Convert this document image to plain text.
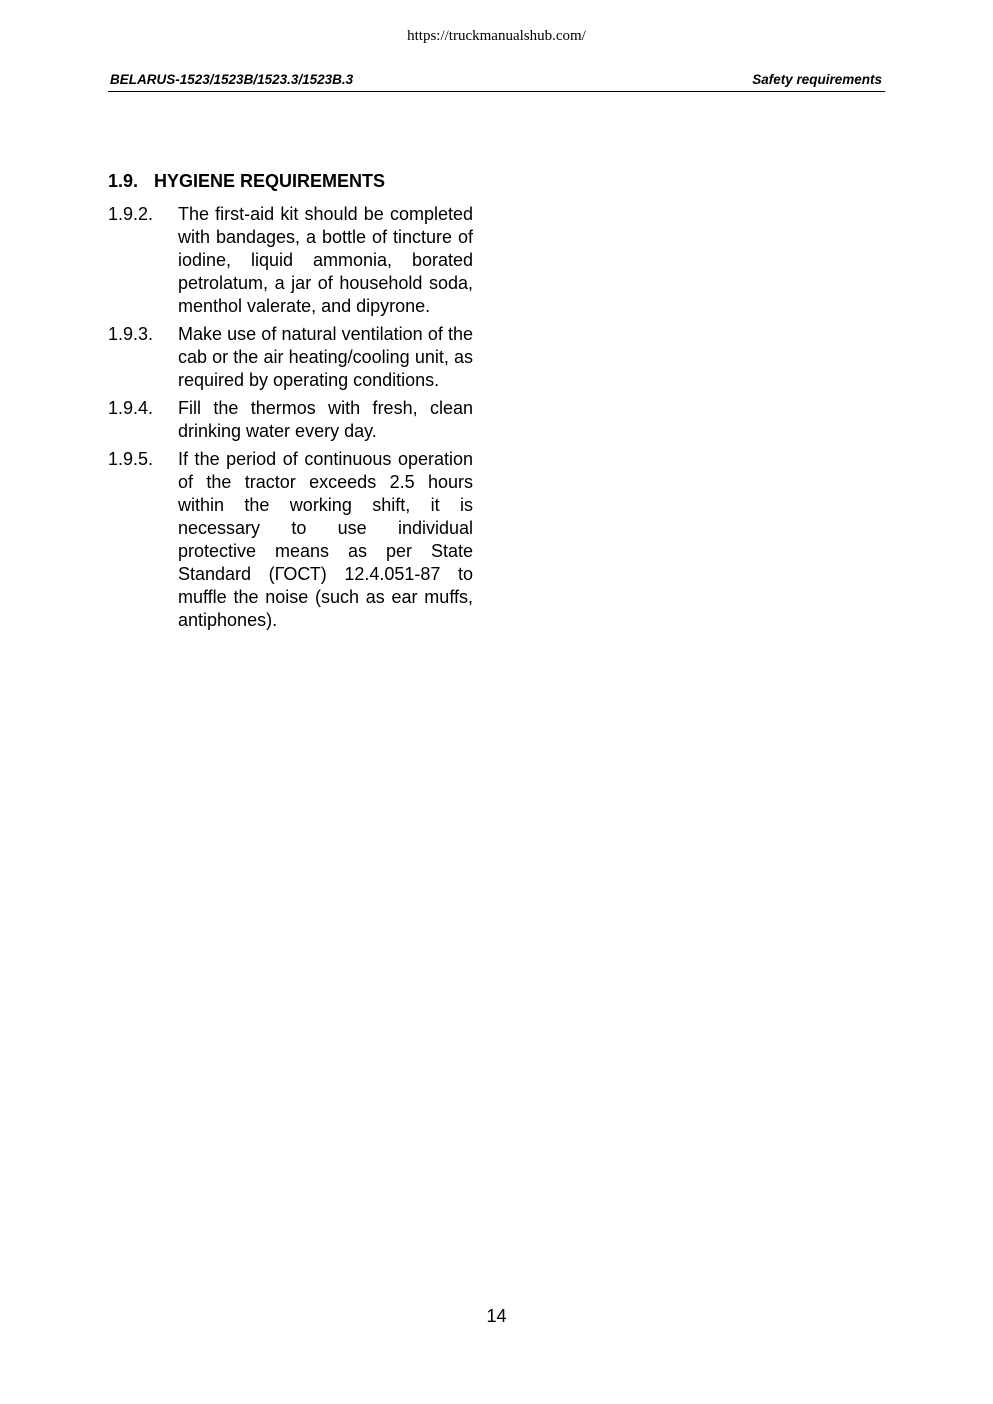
https://truckmanualshub.com/
BELARUS-1523/1523B/1523.3/1523B.3	Safety requirements
1.9. HYGIENE REQUIREMENTS
1.9.2. The first-aid kit should be completed with bandages, a bottle of tincture of iodine, liquid ammonia, borated petrolatum, a jar of household soda, menthol valerate, and dipyrone.
1.9.3. Make use of natural ventilation of the cab or the air heating/cooling unit, as required by operating conditions.
1.9.4. Fill the thermos with fresh, clean drinking water every day.
1.9.5. If the period of continuous operation of the tractor exceeds 2.5 hours within the working shift, it is necessary to use individual protective means as per State Standard (ГОСТ) 12.4.051-87 to muffle the noise (such as ear muffs, antiphones).
14
